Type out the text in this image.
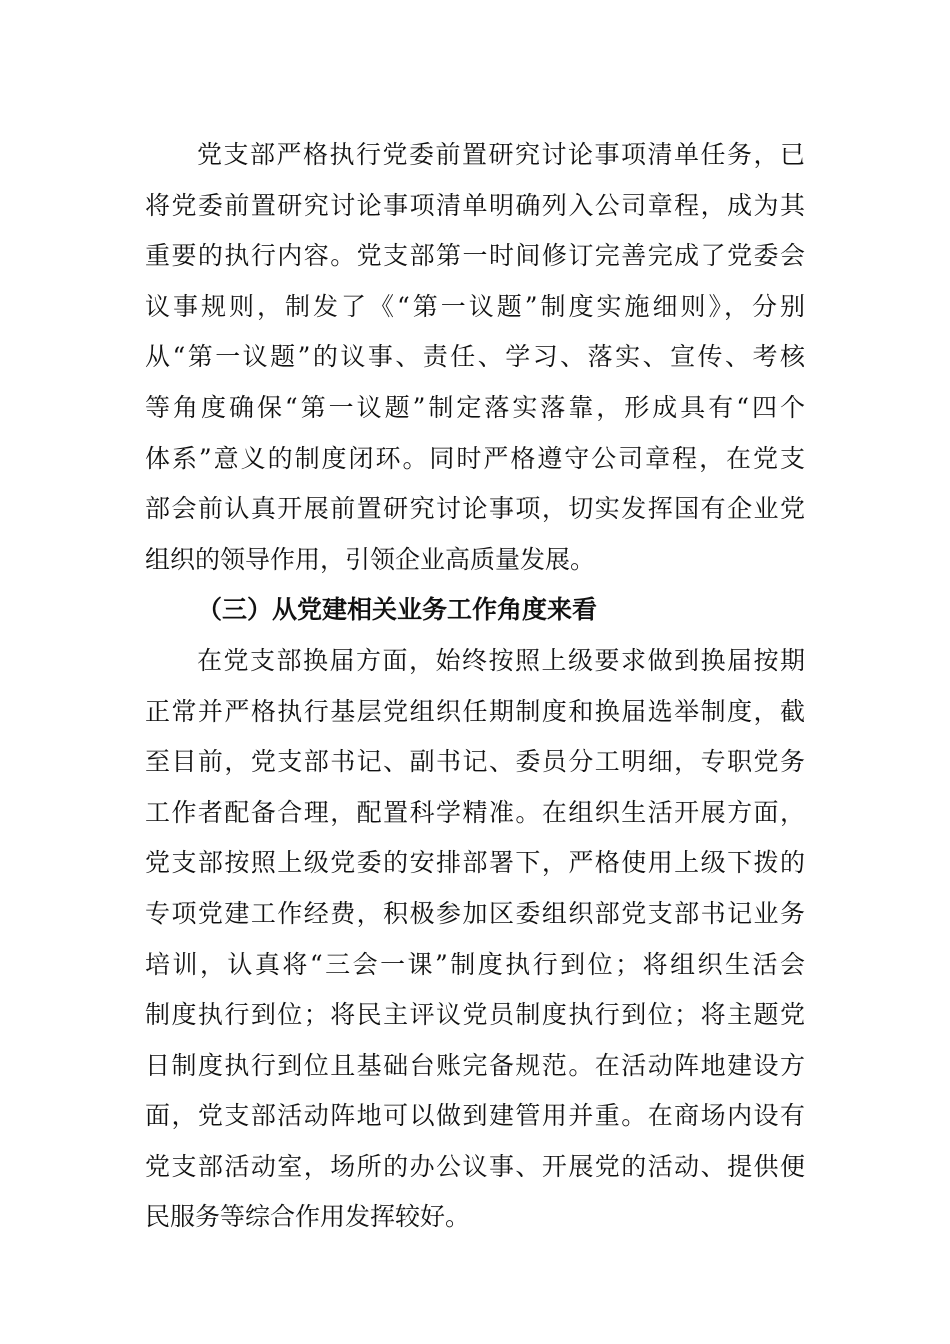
党支部严格执行党委前置研究讨论事项清单任务，已
将党委前置研究讨论事项清单明确列入公司章程，成为其
重要的执行内容。党支部第一时间修订完善完成了党委会
议事规则，制发了《“第一议题”制度实施细则》，分别
从“第一议题”的议事、责任、学习、落实、宣传、考核
等角度确保“第一议题”制定落实落靠，形成具有“四个
体系”意义的制度闭环。同时严格遵守公司章程，在党支
部会前认真开展前置研究讨论事项，切实发挥国有企业党
组织的领导作用，引领企业高质量发展。
（三）从党建相关业务工作角度来看
在党支部换届方面，始终按照上级要求做到换届按期
正常并严格执行基层党组织任期制度和换届选举制度，截
至目前，党支部书记、副书记、委员分工明细，专职党务
工作者配备合理，配置科学精准。在组织生活开展方面，
党支部按照上级党委的安排部署下，严格使用上级下拨的
专项党建工作经费，积极参加区委组织部党支部书记业务
培训，认真将“三会一课”制度执行到位；将组织生活会
制度执行到位；将民主评议党员制度执行到位；将主题党
日制度执行到位且基础台账完备规范。在活动阵地建设方
面，党支部活动阵地可以做到建管用并重。在商场内设有
党支部活动室，场所的办公议事、开展党的活动、提供便
民服务等综合作用发挥较好。
